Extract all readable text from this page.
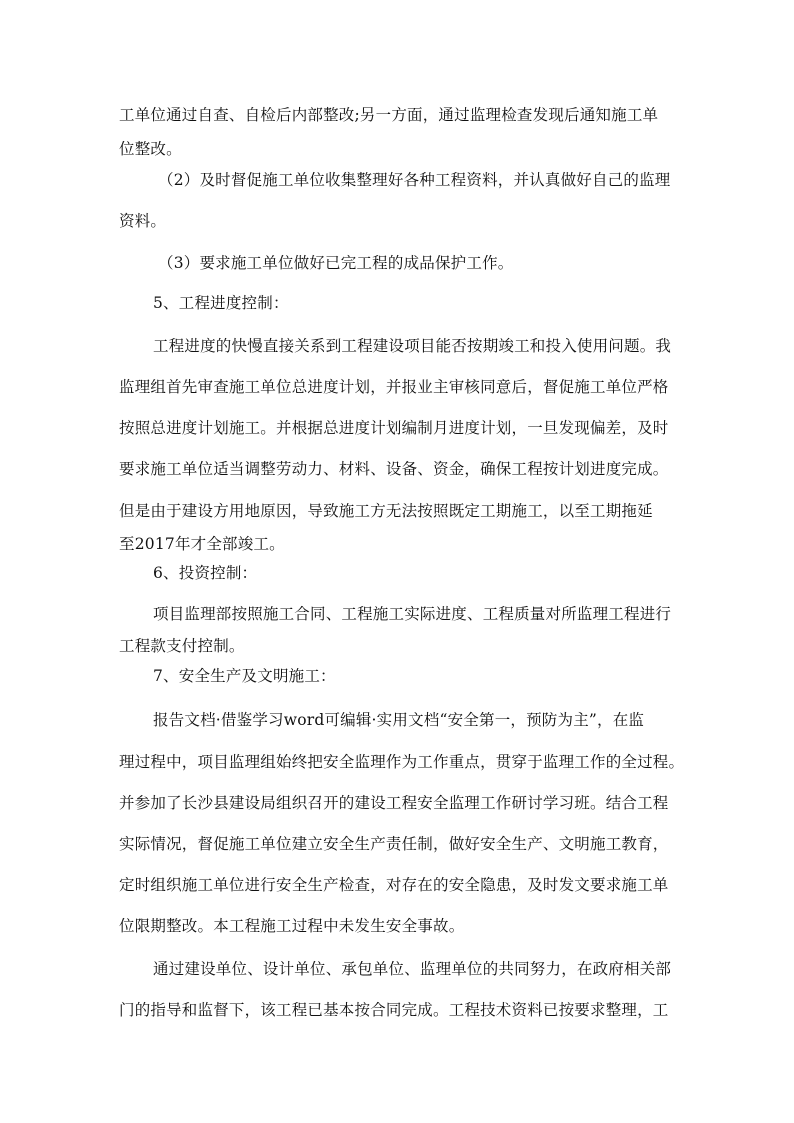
工单位通过自查、自检后内部整改;另一方面，通过监理检查发现后通知施工单
位整改。
（2）及时督促施工单位收集整理好各种工程资料，并认真做好自己的监理
资料。
（3）要求施工单位做好已完工程的成品保护工作。
5、工程进度控制：
工程进度的快慢直接关系到工程建设项目能否按期竣工和投入使用问题。我
监理组首先审查施工单位总进度计划，并报业主审核同意后，督促施工单位严格
按照总进度计划施工。并根据总进度计划编制月进度计划，一旦发现偏差，及时
要求施工单位适当调整劳动力、材料、设备、资金，确保工程按计划进度完成。
但是由于建设方用地原因，导致施工方无法按照既定工期施工，以至工期拖延
至2017年才全部竣工。
6、投资控制：
项目监理部按照施工合同、工程施工实际进度、工程质量对所监理工程进行
工程款支付控制。
7、安全生产及文明施工：
报告文档·借鉴学习word可编辑·实用文档“安全第一，预防为主”，在监
理过程中，项目监理组始终把安全监理作为工作重点，贯穿于监理工作的全过程。
并参加了长沙县建设局组织召开的建设工程安全监理工作研讨学习班。结合工程
实际情况，督促施工单位建立安全生产责任制，做好安全生产、文明施工教育，
定时组织施工单位进行安全生产检查，对存在的安全隐患，及时发文要求施工单
位限期整改。本工程施工过程中未发生安全事故。
通过建设单位、设计单位、承包单位、监理单位的共同努力，在政府相关部
门的指导和监督下，该工程已基本按合同完成。工程技术资料已按要求整理，工
